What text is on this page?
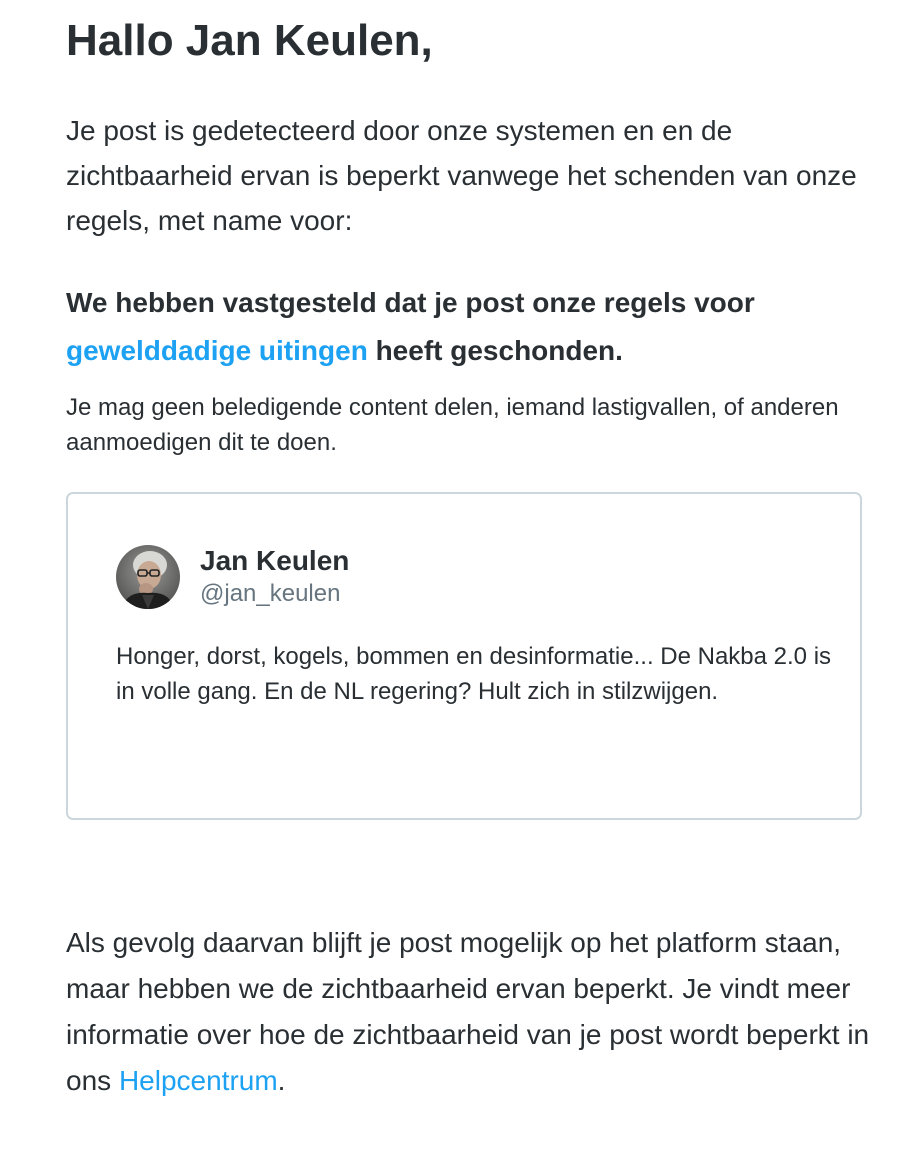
Hallo Jan Keulen,

Je post is gedetecteerd door onze systemen en en de zichtbaarheid ervan is beperkt vanwege het schenden van onze regels, met name voor:

We hebben vastgesteld dat je post onze regels voor gewelddadige uitingen heeft geschonden.

Je mag geen beledigende content delen, iemand lastigvallen, of anderen aanmoedigen dit te doen.

Jan Keulen
@jan_keulen

Honger, dorst, kogels, bommen en desinformatie... De Nakba 2.0 is in volle gang. En de NL regering? Hult zich in stilzwijgen.

Als gevolg daarvan blijft je post mogelijk op het platform staan, maar hebben we de zichtbaarheid ervan beperkt. Je vindt meer informatie over hoe de zichtbaarheid van je post wordt beperkt in ons Helpcentrum.
